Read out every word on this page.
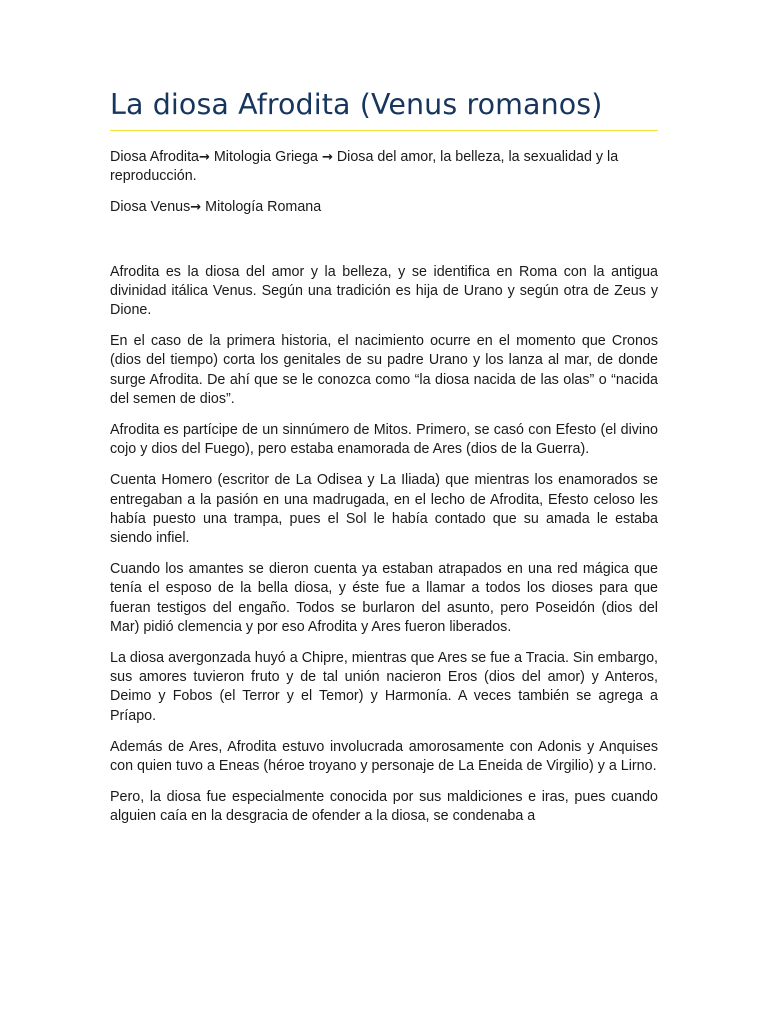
La diosa Afrodita (Venus romanos)

Diosa Afrodita→ Mitologia Griega → Diosa del amor, la belleza, la sexualidad y la reproducción.

Diosa Venus→ Mitología Romana

Afrodita es la diosa del amor y la belleza, y se identifica en Roma con la antigua divinidad itálica Venus. Según una tradición es hija de Urano y según otra de Zeus y Dione.

En el caso de la primera historia, el nacimiento ocurre en el momento que Cronos (dios del tiempo) corta los genitales de su padre Urano y los lanza al mar, de donde surge Afrodita. De ahí que se le conozca como “la diosa nacida de las olas” o “nacida del semen de dios”.

Afrodita es partícipe de un sinnúmero de Mitos. Primero, se casó con Efesto (el divino cojo y dios del Fuego), pero estaba enamorada de Ares (dios de la Guerra).

Cuenta Homero (escritor de La Odisea y La Iliada) que mientras los enamorados se entregaban a la pasión en una madrugada, en el lecho de Afrodita, Efesto celoso les había puesto una trampa, pues el Sol le había contado que su amada le estaba siendo infiel.

Cuando los amantes se dieron cuenta ya estaban atrapados en una red mágica que tenía el esposo de la bella diosa, y éste fue a llamar a todos los dioses para que fueran testigos del engaño. Todos se burlaron del asunto, pero Poseidón (dios del Mar) pidió clemencia y por eso Afrodita y Ares fueron liberados.

La diosa avergonzada huyó a Chipre, mientras que Ares se fue a Tracia. Sin embargo, sus amores tuvieron fruto y de tal unión nacieron Eros (dios del amor) y Anteros, Deimo y Fobos (el Terror y el Temor) y Harmonía. A veces también se agrega a Príapo.

Además de Ares, Afrodita estuvo involucrada amorosamente con Adonis y Anquises con quien tuvo a Eneas (héroe troyano y personaje de La Eneida de Virgilio) y a Lirno.

Pero, la diosa fue especialmente conocida por sus maldiciones e iras, pues cuando alguien caía en la desgracia de ofender a la diosa, se condenaba a
